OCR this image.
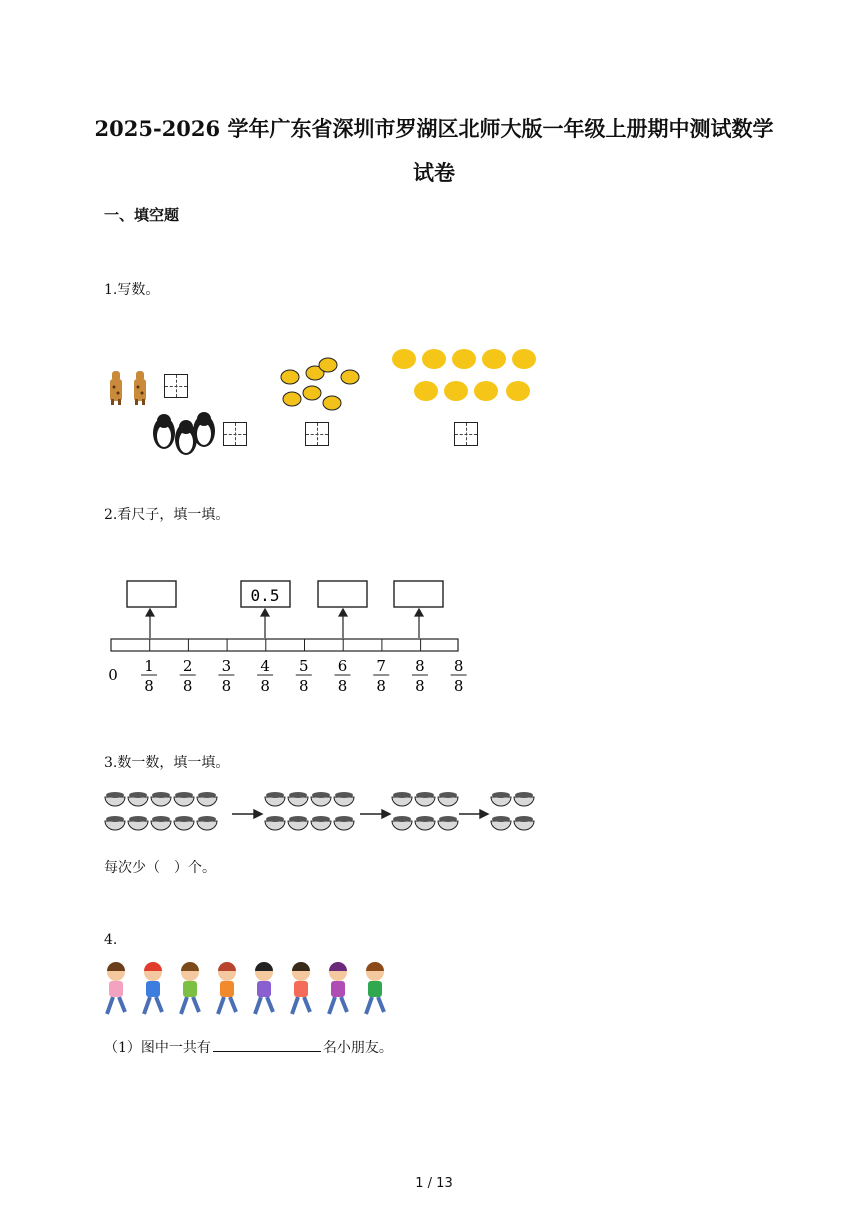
2025-2026 学年广东省深圳市罗湖区北师大版一年级上册期中测试数学
试卷
一、填空题
1.写数。
2.看尺子，填一填。
0.5
0 1
8
2
8
3
8
4
8
5
8
6
8
7
8
8
8
8
8
3.数一数，填一填。
每次少（　）个。
4.
（1）图中一共有	名小朋友。
1 / 13
